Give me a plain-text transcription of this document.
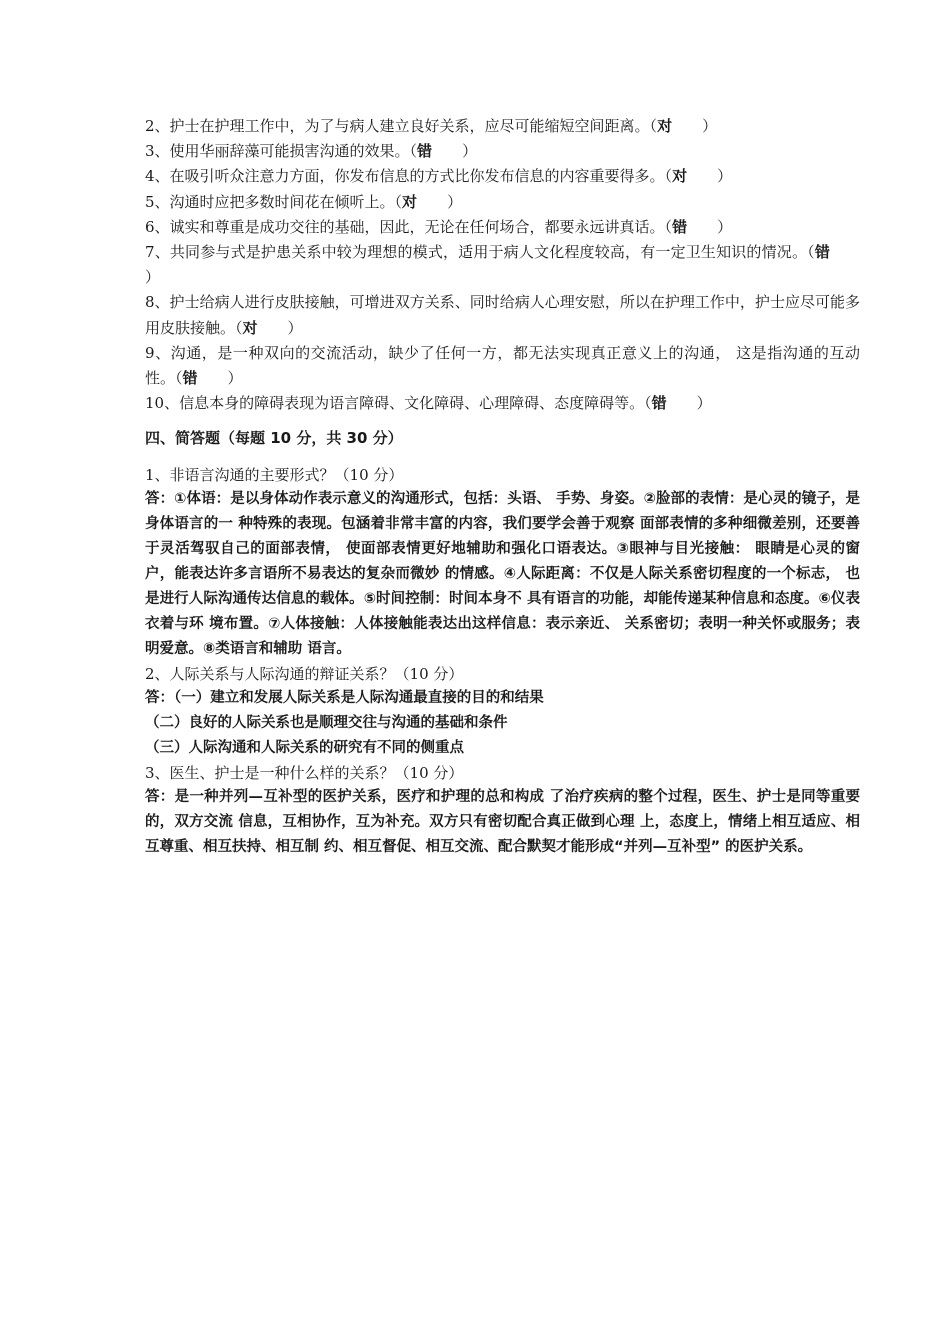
2、护士在护理工作中，为了与病人建立良好关系，应尽可能缩短空间距离。（对 ）
3、使用华丽辞藻可能损害沟通的效果。（错 ）
4、在吸引听众注意力方面，你发布信息的方式比你发布信息的内容重要得多。（对 ）
5、沟通时应把多数时间花在倾听上。（对 ）
6、诚实和尊重是成功交往的基础，因此，无论在任何场合，都要永远讲真话。（错 ）
7、共同参与式是护患关系中较为理想的模式，适用于病人文化程度较高，有一定卫生知识的情况。（错）
8、护士给病人进行皮肤接触，可增进双方关系、同时给病人心理安慰，所以在护理工作中，护士应尽可能多用皮肤接触。（对 ）
9、沟通，是一种双向的交流活动，缺少了任何一方，都无法实现真正意义上的沟通， 这是指沟通的互动性。（错 ）
10、信息本身的障碍表现为语言障碍、文化障碍、心理障碍、态度障碍等。（错 ）
四、简答题（每题 10 分，共 30 分）
1、非语言沟通的主要形式？（10 分）
答：①体语：是以身体动作表示意义的沟通形式，包括：头语、 手势、身姿。②脸部的表情：是心灵的镜子，是身体语言的一 种特殊的表现。包涵着非常丰富的内容，我们要学会善于观察 面部表情的多种细微差别，还要善于灵活驾驭自己的面部表情， 使面部表情更好地辅助和强化口语表达。③眼神与目光接触： 眼睛是心灵的窗户，能表达许多言语所不易表达的复杂而微妙 的情感。④人际距离：不仅是人际关系密切程度的一个标志， 也是进行人际沟通传达信息的载体。⑤时间控制：时间本身不 具有语言的功能，却能传递某种信息和态度。⑥仪表衣着与环 境布置。⑦人体接触：人体接触能表达出这样信息：表示亲近、 关系密切；表明一种关怀或服务；表明爱意。⑧类语言和辅助 语言。
2、人际关系与人际沟通的辩证关系？（10 分）
答：（一）建立和发展人际关系是人际沟通最直接的目的和结果
（二）良好的人际关系也是顺理交往与沟通的基础和条件
（三）人际沟通和人际关系的研究有不同的侧重点
3、医生、护士是一种什么样的关系？（10 分）
答：是一种并列—互补型的医护关系，医疗和护理的总和构成 了治疗疾病的整个过程，医生、护士是同等重要的，双方交流 信息，互相协作，互为补充。双方只有密切配合真正做到心理 上，态度上，情绪上相互适应、相互尊重、相互扶持、相互制 约、相互督促、相互交流、配合默契才能形成“并列—互补型” 的医护关系。
